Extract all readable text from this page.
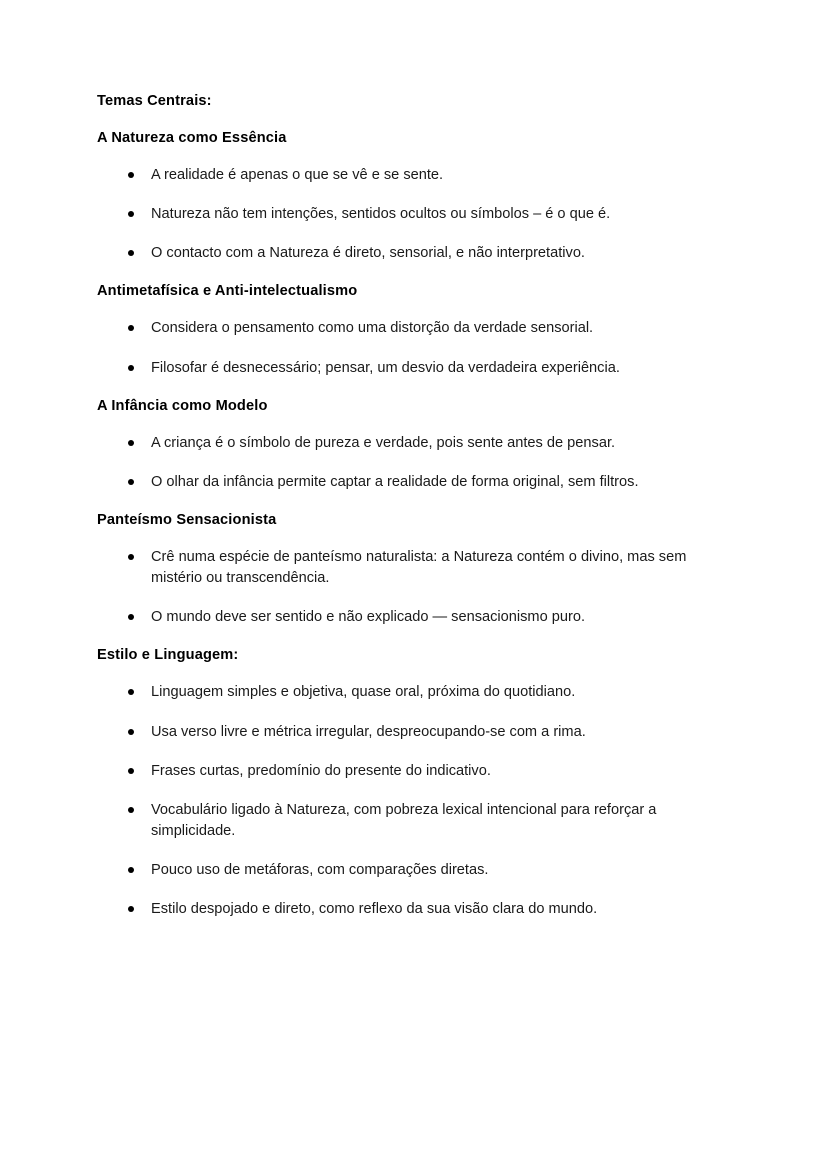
Temas Centrais:

A Natureza como Essência

A realidade é apenas o que se vê e se sente.
Natureza não tem intenções, sentidos ocultos ou símbolos – é o que é.
O contacto com a Natureza é direto, sensorial, e não interpretativo.

Antimetafísica e Anti-intelectualismo

Considera o pensamento como uma distorção da verdade sensorial.
Filosofar é desnecessário; pensar, um desvio da verdadeira experiência.

A Infância como Modelo

A criança é o símbolo de pureza e verdade, pois sente antes de pensar.
O olhar da infância permite captar a realidade de forma original, sem filtros.

Panteísmo Sensacionista

Crê numa espécie de panteísmo naturalista: a Natureza contém o divino, mas sem mistério ou transcendência.
O mundo deve ser sentido e não explicado — sensacionismo puro.

Estilo e Linguagem:

Linguagem simples e objetiva, quase oral, próxima do quotidiano.
Usa verso livre e métrica irregular, despreocupando-se com a rima.
Frases curtas, predomínio do presente do indicativo.
Vocabulário ligado à Natureza, com pobreza lexical intencional para reforçar a simplicidade.
Pouco uso de metáforas, com comparações diretas.
Estilo despojado e direto, como reflexo da sua visão clara do mundo.
